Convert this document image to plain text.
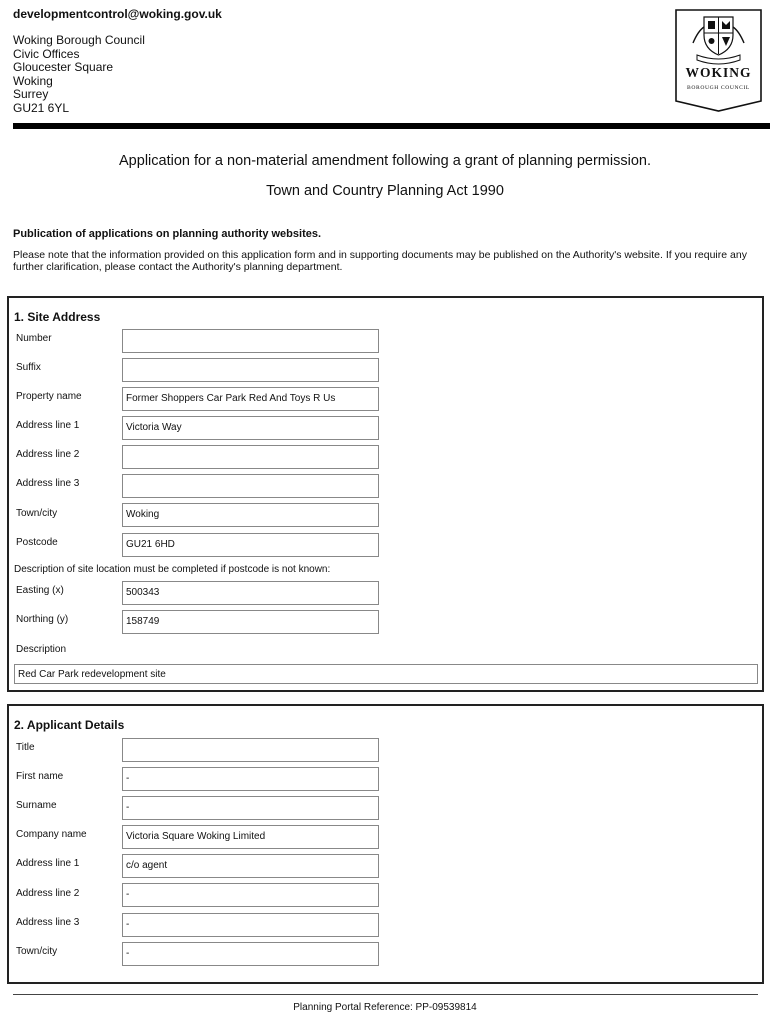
developmentcontrol@woking.gov.uk
Woking Borough Council
Civic Offices
Gloucester Square
Woking
Surrey
GU21 6YL
WOKING
BOROUGH COUNCIL
Application for a non-material amendment following a grant of planning permission.
Town and Country Planning Act 1990
Publication of applications on planning authority websites.
Please note that the information provided on this application form and in supporting documents may be published on the Authority's website. If you require any further clarification, please contact the Authority's planning department.
1. Site Address
Number
Suffix
Property name	Former Shoppers Car Park Red And Toys R Us
Address line 1	Victoria Way
Address line 2
Address line 3
Town/city	Woking
Postcode	GU21 6HD
Description of site location must be completed if postcode is not known:
Easting (x)	500343
Northing (y)	158749
Description
Red Car Park redevelopment site
2. Applicant Details
Title
First name	-
Surname	-
Company name	Victoria Square Woking Limited
Address line 1	c/o agent
Address line 2	-
Address line 3	-
Town/city	-
Planning Portal Reference: PP-09539814
